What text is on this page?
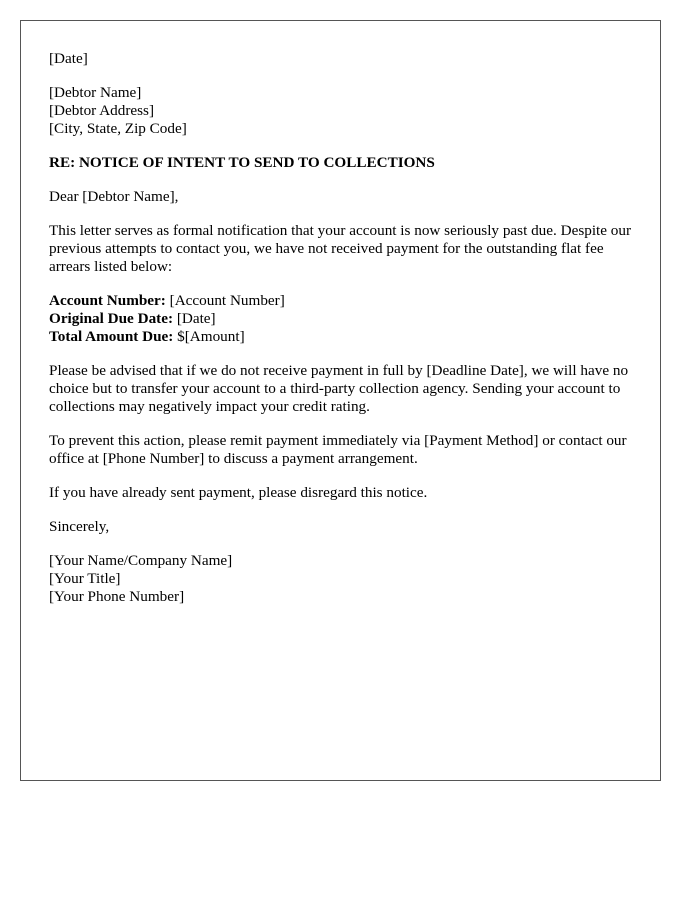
[Date]

[Debtor Name]
[Debtor Address]
[City, State, Zip Code]

RE: NOTICE OF INTENT TO SEND TO COLLECTIONS

Dear [Debtor Name],

This letter serves as formal notification that your account is now seriously past due. Despite our previous attempts to contact you, we have not received payment for the outstanding flat fee arrears listed below:

Account Number: [Account Number]
Original Due Date: [Date]
Total Amount Due: $[Amount]

Please be advised that if we do not receive payment in full by [Deadline Date], we will have no choice but to transfer your account to a third-party collection agency. Sending your account to collections may negatively impact your credit rating.

To prevent this action, please remit payment immediately via [Payment Method] or contact our office at [Phone Number] to discuss a payment arrangement.

If you have already sent payment, please disregard this notice.

Sincerely,

[Your Name/Company Name]
[Your Title]
[Your Phone Number]
